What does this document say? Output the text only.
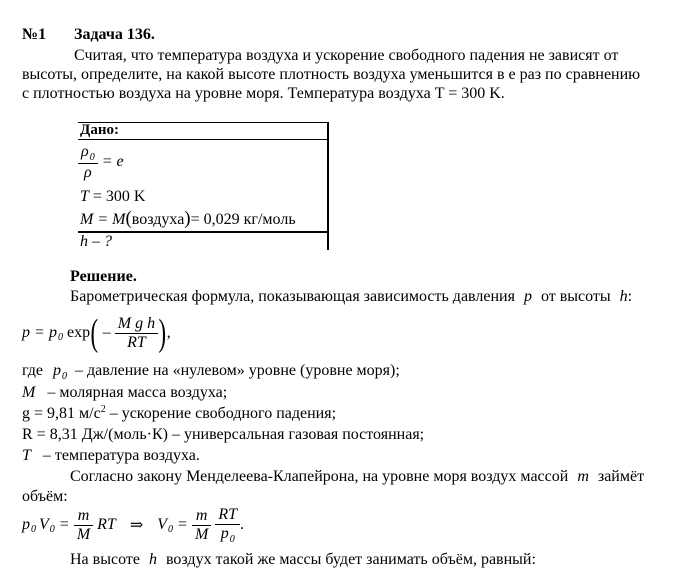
№1 Задача 136.
Считая, что температура воздуха и ускорение свободного падения не зависят от
высоты, определите, на какой высоте плотность воздуха уменьшится в e раз по сравнению
с плотностью воздуха на уровне моря. Температура воздуха T = 300 K.
Дано:
$\frac{\rho_0}{\rho} = e$
T = 300 K
M = M(воздуха)= 0,029 кг/моль
h – ?
Решение.
Барометрическая формула, показывающая зависимость давления p от высоты h:
p = p 0 exp ( – $\frac{\text{M g h}}{RT}$ ) ,
где $p_0$ – давление на «нулевом» уровне (уровне моря);
M – молярная масса воздуха;
g = 9,81 $м/с^2$ – ускорение свободного падения;
R = 8,31 Дж/(моль·К) – универсальная газовая постоянная;
T – температура воздуха.
Согласно закону Менделеева-Клапейрона, на уровне моря воздух массой m займёт
объём:
p 0 V $0 = \frac{m}{M}$ RT ⇒ V $0 = \frac{m}{M} \frac{RT}{p_0}$ .
На высоте h воздух такой же массы будет занимать объём, равный:
